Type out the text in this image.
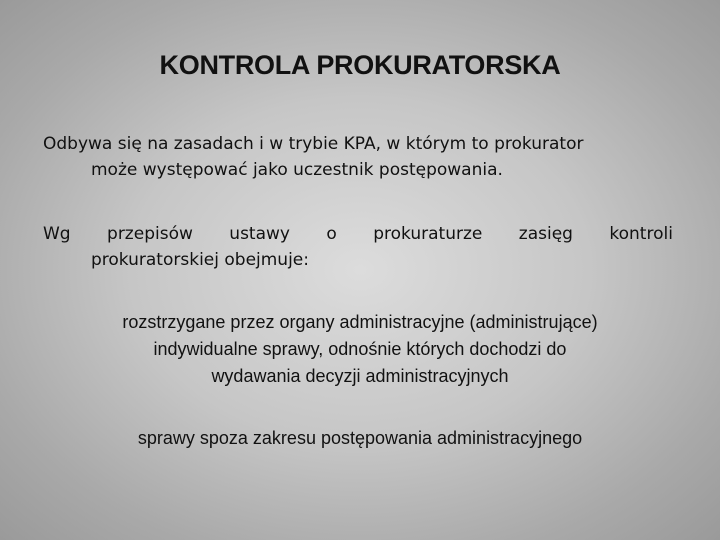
KONTROLA PROKURATORSKA
Odbywa się na zasadach i w trybie KPA, w którym to prokurator
może występować jako uczestnik postępowania.
Wg przepisów ustawy o prokuraturze zasięg kontroli
prokuratorskiej obejmuje:
rozstrzygane przez organy administracyjne (administrujące)
indywidualne sprawy, odnośnie których dochodzi do
wydawania decyzji administracyjnych
sprawy spoza zakresu postępowania administracyjnego
